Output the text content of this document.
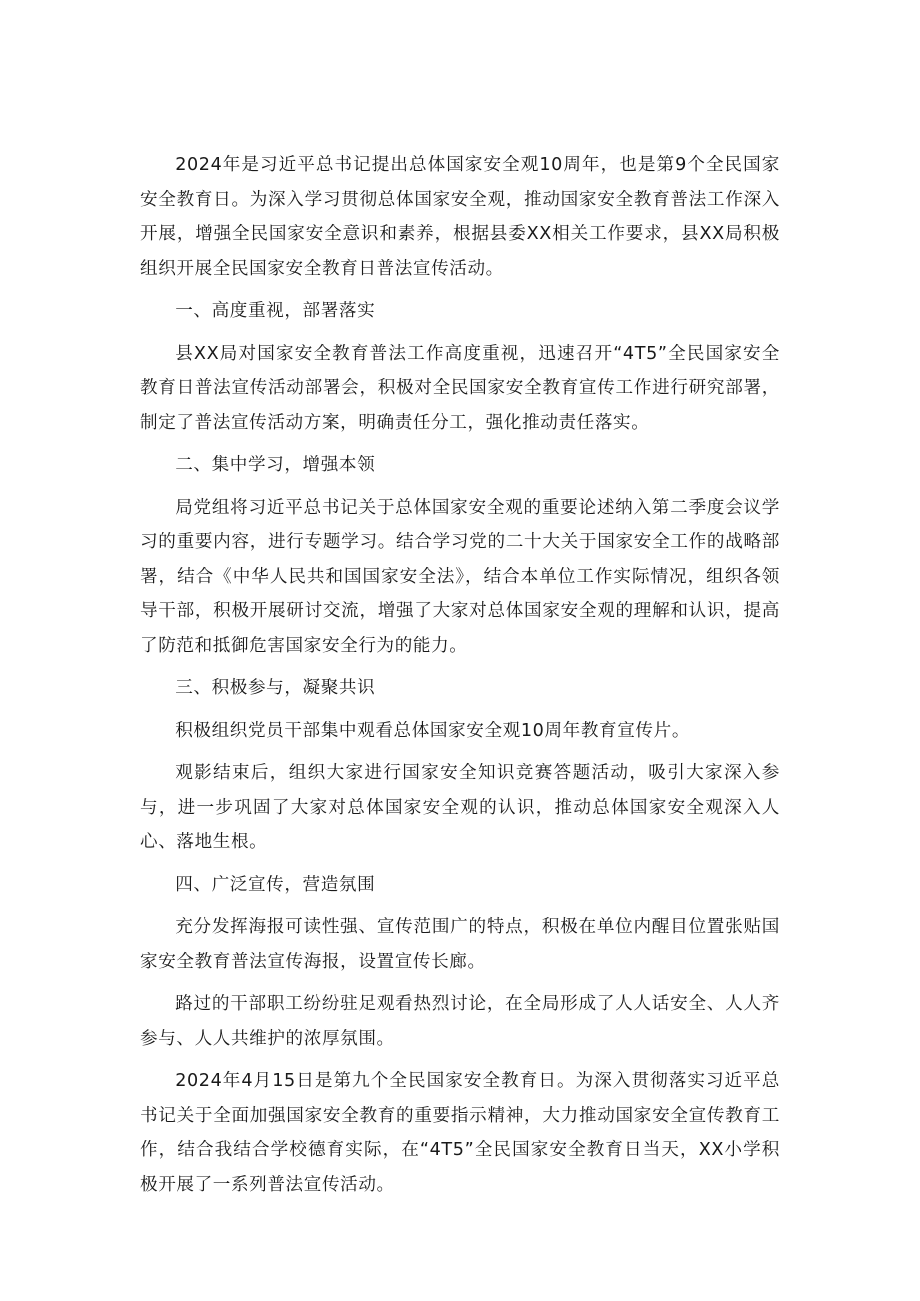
2024年是习近平总书记提出总体国家安全观10周年，也是第9个全民国家安全教育日。为深入学习贯彻总体国家安全观，推动国家安全教育普法工作深入开展，增强全民国家安全意识和素养，根据县委XX相关工作要求，县XX局积极组织开展全民国家安全教育日普法宣传活动。

一、高度重视，部署落实

县XX局对国家安全教育普法工作高度重视，迅速召开“4T5”全民国家安全教育日普法宣传活动部署会，积极对全民国家安全教育宣传工作进行研究部署，制定了普法宣传活动方案，明确责任分工，强化推动责任落实。

二、集中学习，增强本领

局党组将习近平总书记关于总体国家安全观的重要论述纳入第二季度会议学习的重要内容，进行专题学习。结合学习党的二十大关于国家安全工作的战略部署，结合《中华人民共和国国家安全法》，结合本单位工作实际情况，组织各领导干部，积极开展研讨交流，增强了大家对总体国家安全观的理解和认识，提高了防范和抵御危害国家安全行为的能力。

三、积极参与，凝聚共识

积极组织党员干部集中观看总体国家安全观10周年教育宣传片。

观影结束后，组织大家进行国家安全知识竞赛答题活动，吸引大家深入参与，进一步巩固了大家对总体国家安全观的认识，推动总体国家安全观深入人心、落地生根。

四、广泛宣传，营造氛围

充分发挥海报可读性强、宣传范围广的特点，积极在单位内醒目位置张贴国家安全教育普法宣传海报，设置宣传长廊。

路过的干部职工纷纷驻足观看热烈讨论，在全局形成了人人话安全、人人齐参与、人人共维护的浓厚氛围。

2024年4月15日是第九个全民国家安全教育日。为深入贯彻落实习近平总书记关于全面加强国家安全教育的重要指示精神，大力推动国家安全宣传教育工作，结合我结合学校德育实际，在“4T5”全民国家安全教育日当天，XX小学积极开展了一系列普法宣传活动。
